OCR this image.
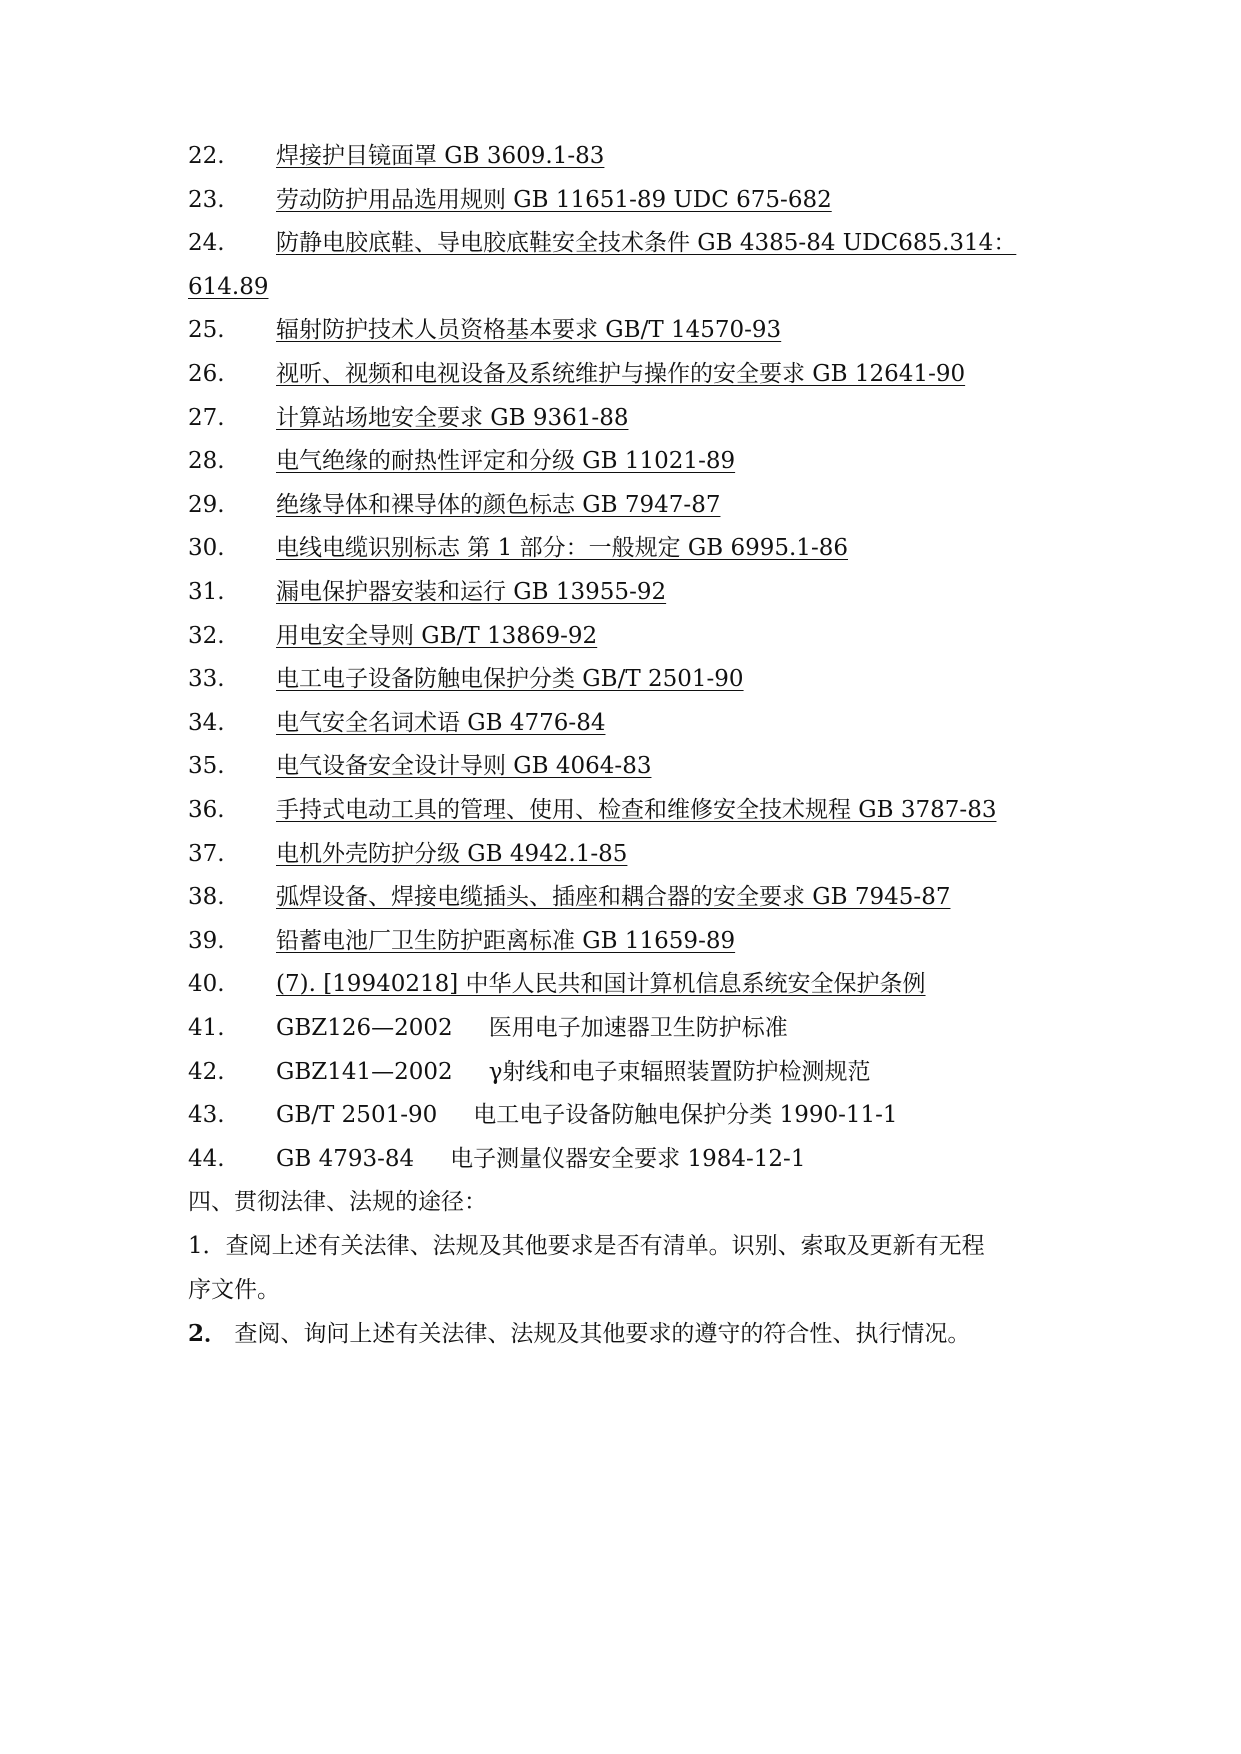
22. 焊接护目镜面罩 GB 3609.1-83
23. 劳动防护用品选用规则 GB 11651-89 UDC 675-682
24. 防静电胶底鞋、导电胶底鞋安全技术条件 GB 4385-84 UDC685.314：
614.89
25. 辐射防护技术人员资格基本要求 GB/T 14570-93
26. 视听、视频和电视设备及系统维护与操作的安全要求 GB 12641-90
27. 计算站场地安全要求 GB 9361-88
28. 电气绝缘的耐热性评定和分级 GB 11021-89
29. 绝缘导体和裸导体的颜色标志 GB 7947-87
30. 电线电缆识别标志 第 1 部分：一般规定 GB 6995.1-86
31. 漏电保护器安装和运行 GB 13955-92
32. 用电安全导则 GB/T 13869-92
33. 电工电子设备防触电保护分类 GB/T 2501-90
34. 电气安全名词术语 GB 4776-84
35. 电气设备安全设计导则 GB 4064-83
36. 手持式电动工具的管理、使用、检查和维修安全技术规程 GB 3787-83
37. 电机外壳防护分级 GB 4942.1-85
38. 弧焊设备、焊接电缆插头、插座和耦合器的安全要求 GB 7945-87
39. 铅蓄电池厂卫生防护距离标准 GB 11659-89
40. (7). [19940218] 中华人民共和国计算机信息系统安全保护条例
41. GBZ126—2002 医用电子加速器卫生防护标准
42. GBZ141—2002 γ射线和电子束辐照装置防护检测规范
43. GB/T 2501-90 电工电子设备防触电保护分类 1990-11-1
44. GB 4793-84 电子测量仪器安全要求 1984-12-1
四、贯彻法律、法规的途径：
1．查阅上述有关法律、法规及其他要求是否有清单。识别、索取及更新有无程
序文件。
2． 查阅、询问上述有关法律、法规及其他要求的遵守的符合性、执行情况。
